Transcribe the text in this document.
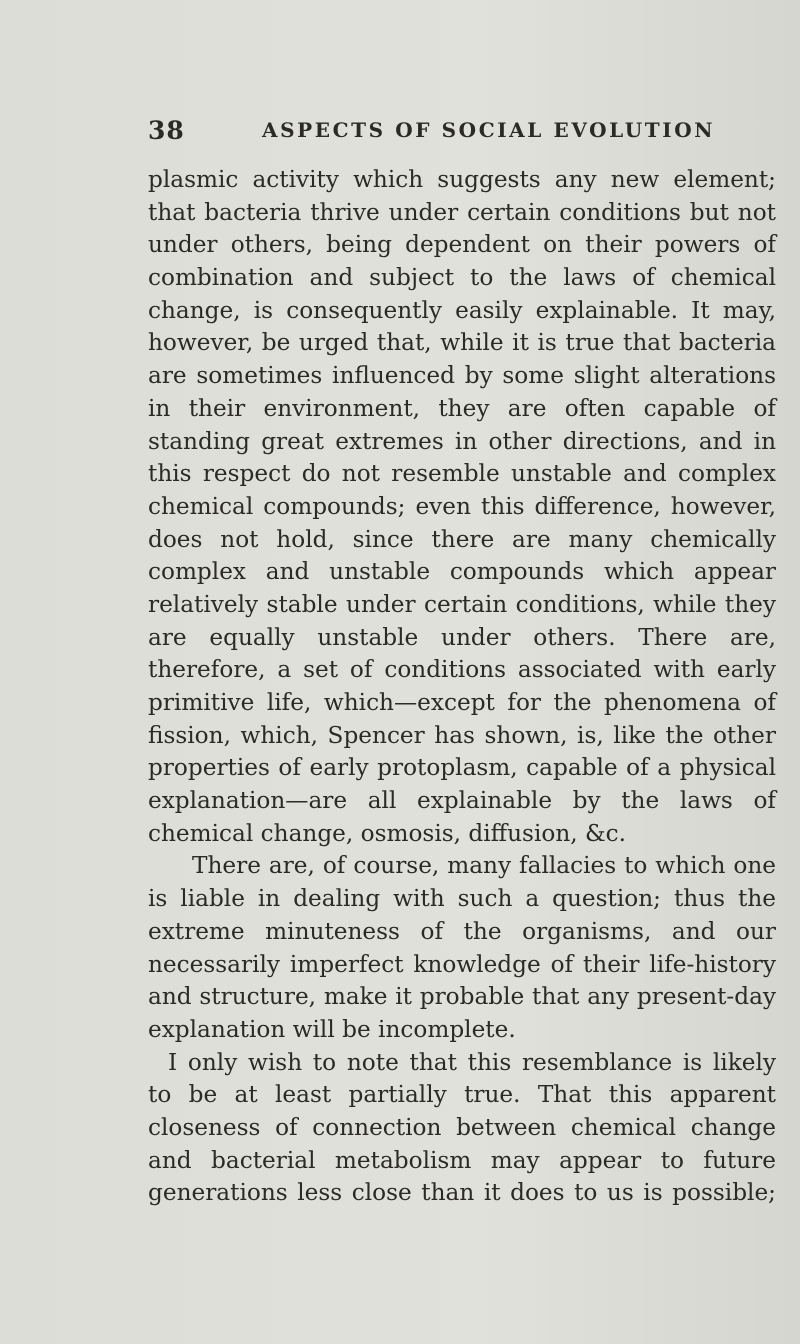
38	ASPECTS OF SOCIAL EVOLUTION
plasmic activity which suggests any new element;
that bacteria thrive under certain conditions but not
under others, being dependent on their powers of
combination and subject to the laws of chemical
change, is consequently easily explainable. It may,
however, be urged that, while it is true that bacteria
are sometimes influenced by some slight alterations
in their environment, they are often capable of
standing great extremes in other directions, and in
this respect do not resemble unstable and complex
chemical compounds; even this difference, however,
does not hold, since there are many chemically
complex and unstable compounds which appear
relatively stable under certain conditions, while they
are equally unstable under others. There are,
therefore, a set of conditions associated with early
primitive life, which—except for the phenomena of
fission, which, Spencer has shown, is, like the other
properties of early protoplasm, capable of a physical
explanation—are all explainable by the laws of
chemical change, osmosis, diffusion, &c.
There are, of course, many fallacies to which one
is liable in dealing with such a question; thus the
extreme minuteness of the organisms, and our
necessarily imperfect knowledge of their life-history
and structure, make it probable that any present-day
explanation will be incomplete.
I only wish to note that this resemblance is likely
to be at least partially true. That this apparent
closeness of connection between chemical change
and bacterial metabolism may appear to future
generations less close than it does to us is possible;
